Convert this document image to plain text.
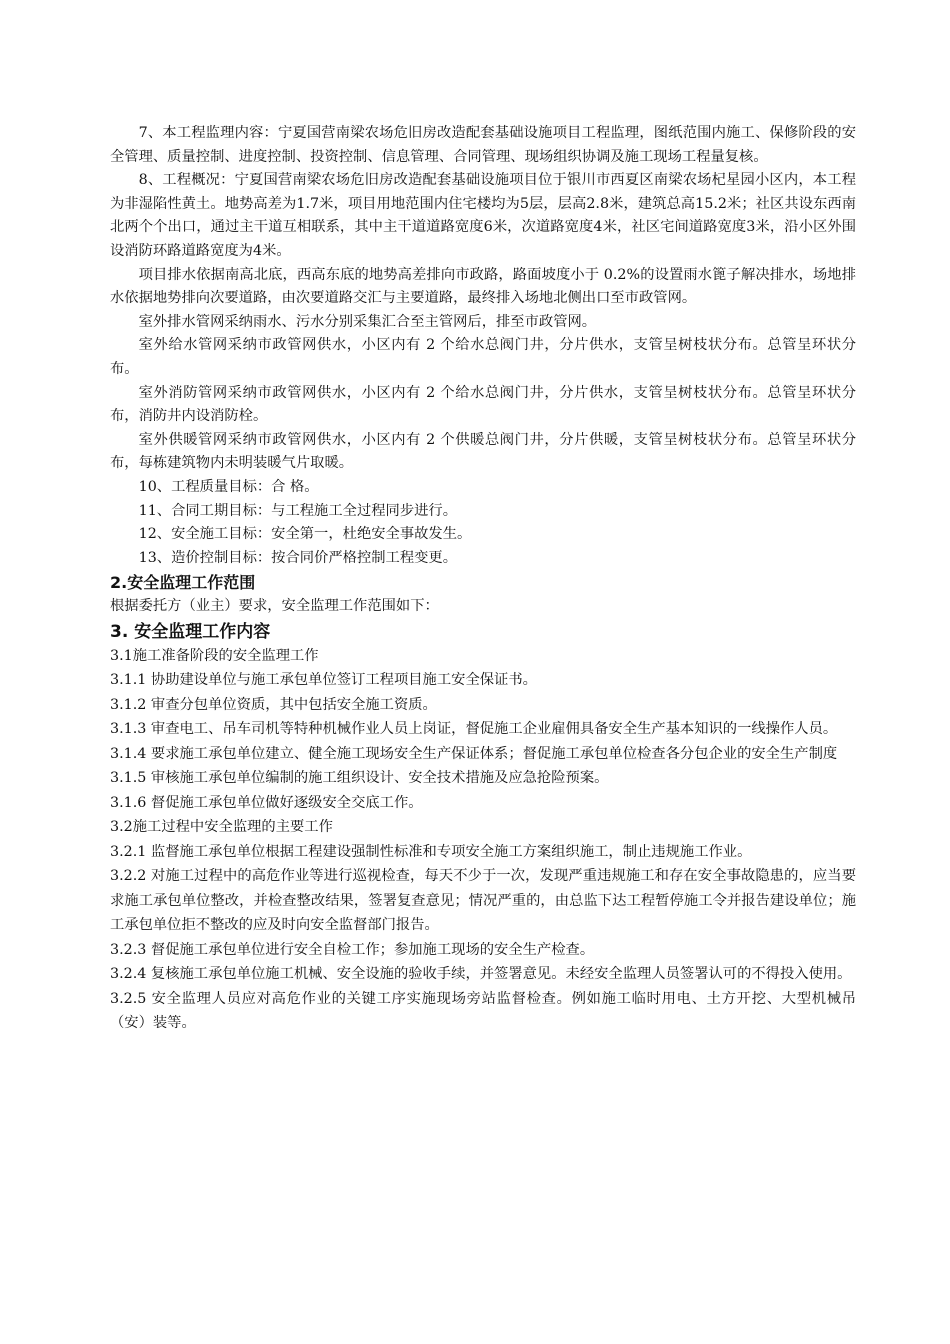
7、本工程监理内容：宁夏国营南梁农场危旧房改造配套基础设施项目工程监理，图纸范围内施工、保修阶段的安全管理、质量控制、进度控制、投资控制、信息管理、合同管理、现场组织协调及施工现场工程量复核。

8、工程概况：宁夏国营南梁农场危旧房改造配套基础设施项目位于银川市西夏区南梁农场杞星园小区内，本工程为非湿陷性黄土。地势高差为1.7米，项目用地范围内住宅楼均为5层，层高2.8米，建筑总高15.2米；社区共设东西南北两个个出口，通过主干道互相联系，其中主干道道路宽度6米，次道路宽度4米，社区宅间道路宽度3米，沿小区外围设消防环路道路宽度为4米。

项目排水依据南高北底，西高东底的地势高差排向市政路，路面坡度小于 0.2%的设置雨水篦子解决排水，场地排水依据地势排向次要道路，由次要道路交汇与主要道路，最终排入场地北侧出口至市政管网。

室外排水管网采纳雨水、污水分别采集汇合至主管网后，排至市政管网。

室外给水管网采纳市政管网供水，小区内有 2 个给水总阀门井，分片供水，支管呈树枝状分布。总管呈环状分布。

室外消防管网采纳市政管网供水，小区内有 2 个给水总阀门井，分片供水，支管呈树枝状分布。总管呈环状分布，消防井内设消防栓。

室外供暖管网采纳市政管网供水，小区内有 2 个供暖总阀门井，分片供暖，支管呈树枝状分布。总管呈环状分布，每栋建筑物内未明装暖气片取暖。

10、工程质量目标：合 格。

11、合同工期目标：与工程施工全过程同步进行。

12、安全施工目标：安全第一，杜绝安全事故发生。

13、造价控制目标：按合同价严格控制工程变更。

2.安全监理工作范围

根据委托方（业主）要求，安全监理工作范围如下：

3. 安全监理工作内容

3.1施工准备阶段的安全监理工作

3.1.1 协助建设单位与施工承包单位签订工程项目施工安全保证书。

3.1.2 审查分包单位资质，其中包括安全施工资质。

3.1.3 审查电工、吊车司机等特种机械作业人员上岗证，督促施工企业雇佣具备安全生产基本知识的一线操作人员。

3.1.4 要求施工承包单位建立、健全施工现场安全生产保证体系；督促施工承包单位检查各分包企业的安全生产制度

3.1.5 审核施工承包单位编制的施工组织设计、安全技术措施及应急抢险预案。

3.1.6 督促施工承包单位做好逐级安全交底工作。

3.2施工过程中安全监理的主要工作

3.2.1 监督施工承包单位根据工程建设强制性标准和专项安全施工方案组织施工，制止违规施工作业。

3.2.2 对施工过程中的高危作业等进行巡视检查，每天不少于一次，发现严重违规施工和存在安全事故隐患的，应当要求施工承包单位整改，并检查整改结果，签署复查意见；情况严重的，由总监下达工程暂停施工令并报告建设单位；施工承包单位拒不整改的应及时向安全监督部门报告。

3.2.3 督促施工承包单位进行安全自检工作；参加施工现场的安全生产检查。

3.2.4 复核施工承包单位施工机械、安全设施的验收手续，并签署意见。未经安全监理人员签署认可的不得投入使用。

3.2.5 安全监理人员应对高危作业的关键工序实施现场旁站监督检查。例如施工临时用电、土方开挖、大型机械吊（安）装等。
